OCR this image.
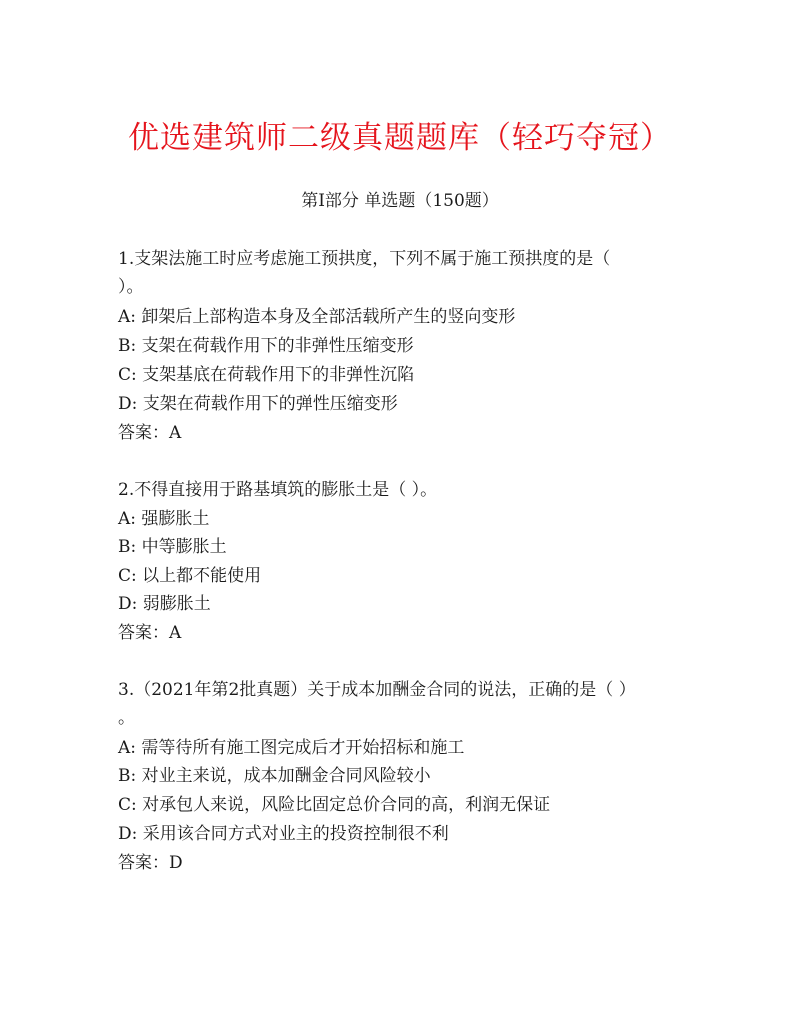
优选建筑师二级真题题库（轻巧夺冠）
第I部分 单选题（150题）
1.支架法施工时应考虑施工预拱度，下列不属于施工预拱度的是（
）。
A: 卸架后上部构造本身及全部活载所产生的竖向变形
B: 支架在荷载作用下的非弹性压缩变形
C: 支架基底在荷载作用下的非弹性沉陷
D: 支架在荷载作用下的弹性压缩变形
答案：A
2.不得直接用于路基填筑的膨胀土是（ ）。
A: 强膨胀土
B: 中等膨胀土
C: 以上都不能使用
D: 弱膨胀土
答案：A
3.（2021年第2批真题）关于成本加酬金合同的说法，正确的是（ ）
。
A: 需等待所有施工图完成后才开始招标和施工
B: 对业主来说，成本加酬金合同风险较小
C: 对承包人来说，风险比固定总价合同的高，利润无保证
D: 采用该合同方式对业主的投资控制很不利
答案：D
